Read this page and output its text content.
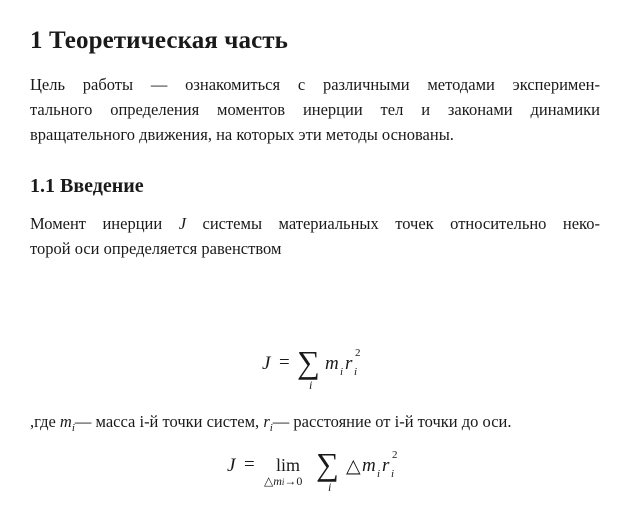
1 Теоретическая часть
Цель работы — ознакомиться с различными методами эксперимен-
тального определения моментов инерции тел и законами динамики
вращательного движения, на которых эти методы основаны.
1.1 Введение
Момент инерции J системы материальных точек относительно неко-
торой оси определяется равенством
J = ∑
i
m i r 2
i
,где $m_i—$ масса i-й точки систем, $r_i—$ расстояние от i-й точки до оси.
J = lim
△mi→0 ∑
i
△ m i r 2
i
